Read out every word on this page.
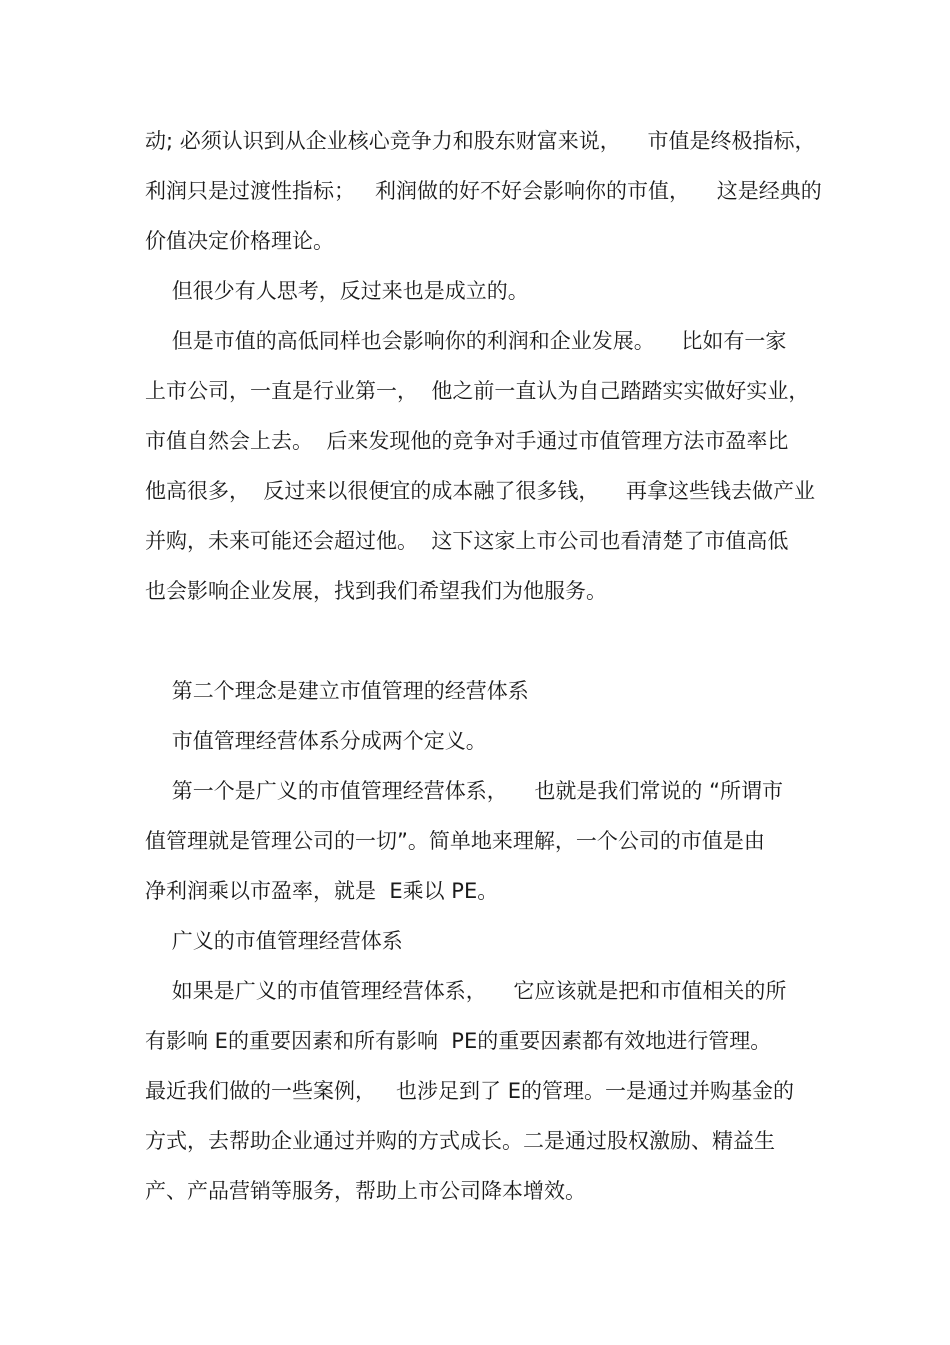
动; 必须认识到从企业核心竞争力和股东财富来说，    市值是终极指标，
利润只是过渡性指标；   利润做的好不好会影响你的市值，    这是经典的
价值决定价格理论。
但很少有人思考，反过来也是成立的。
但是市值的高低同样也会影响你的利润和企业发展。    比如有一家
上市公司，一直是行业第一，  他之前一直认为自己踏踏实实做好实业，
市值自然会上去。  后来发现他的竞争对手通过市值管理方法市盈率比
他高很多，  反过来以很便宜的成本融了很多钱，    再拿这些钱去做产业
并购，未来可能还会超过他。  这下这家上市公司也看清楚了市值高低
也会影响企业发展，找到我们希望我们为他服务。
第二个理念是建立市值管理的经营体系
市值管理经营体系分成两个定义。
第一个是广义的市值管理经营体系，    也就是我们常说的 “所谓市
值管理就是管理公司的一切”。简单地来理解，一个公司的市值是由
净利润乘以市盈率，就是  E乘以 PE。
广义的市值管理经营体系
如果是广义的市值管理经营体系，    它应该就是把和市值相关的所
有影响 E的重要因素和所有影响  PE的重要因素都有效地进行管理。
最近我们做的一些案例，   也涉足到了 E的管理。一是通过并购基金的
方式，去帮助企业通过并购的方式成长。二是通过股权激励、精益生
产、产品营销等服务，帮助上市公司降本增效。
